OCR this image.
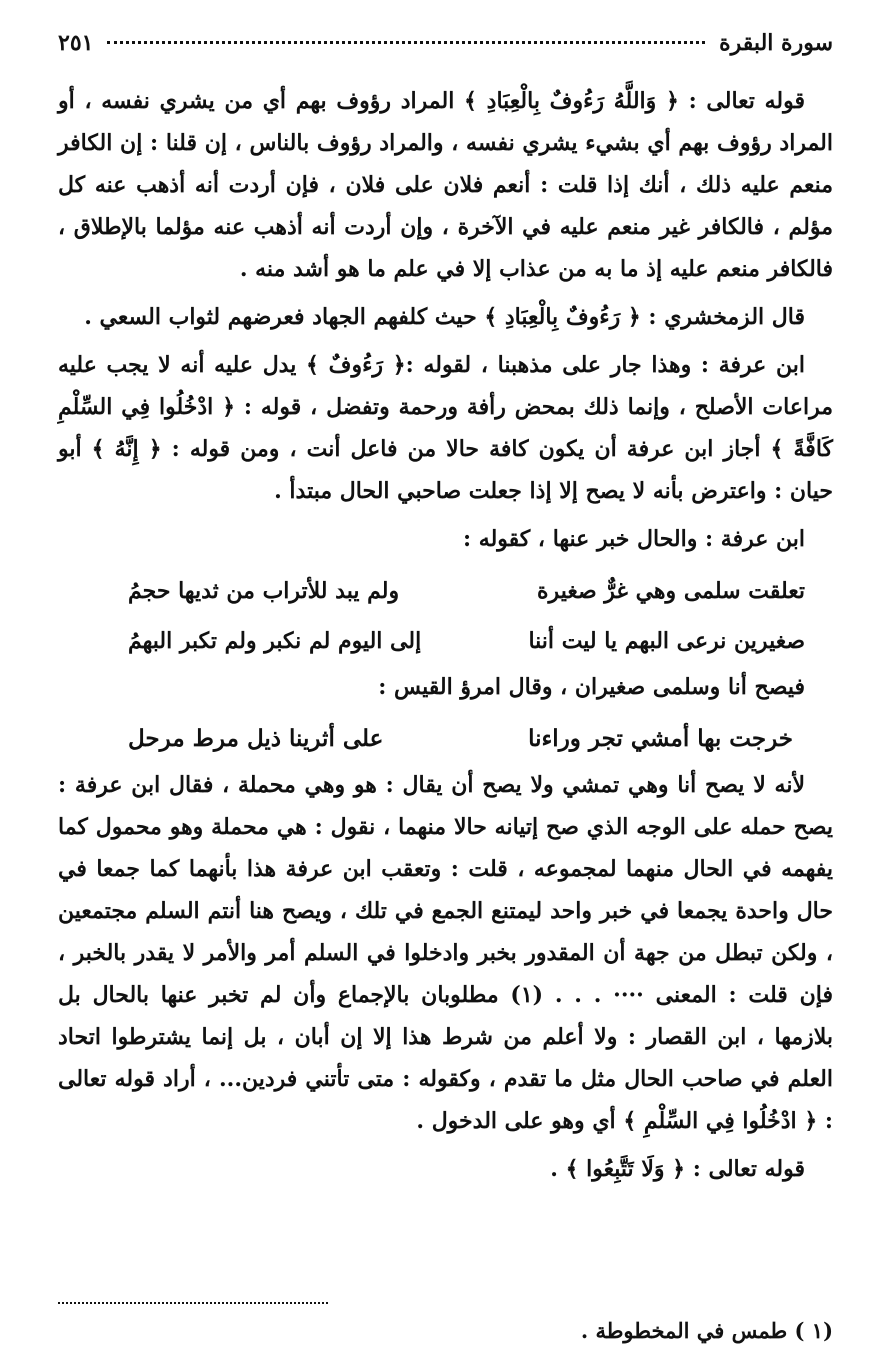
سورة البقرة
٢٥١

قوله تعالى : ﴿ وَاللَّهُ رَءُوفٌ بِالْعِبَادِ ﴾ المراد رؤوف بهم أي من يشري نفسه ، أو المراد رؤوف بهم أي بشيء يشري نفسه ، والمراد رؤوف بالناس ، إن قلنا : إن الكافر منعم عليه ذلك ، أنك إذا قلت : أنعم فلان على فلان ، فإن أردت أنه أذهب عنه كل مؤلم ، فالكافر غير منعم عليه في الآخرة ، وإن أردت أنه أذهب عنه مؤلما بالإطلاق ، فالكافر منعم عليه إذ ما به من عذاب إلا في علم ما هو أشد منه .

قال الزمخشري : ﴿ رَءُوفٌ بِالْعِبَادِ ﴾ حيث كلفهم الجهاد فعرضهم لثواب السعي .

ابن عرفة : وهذا جار على مذهبنا ، لقوله :﴿ رَءُوفٌ ﴾ يدل عليه أنه لا يجب عليه مراعات الأصلح ، وإنما ذلك بمحض رأفة ورحمة وتفضل ، قوله : ﴿ ادْخُلُوا فِي السِّلْمِ كَافَّةً ﴾ أجاز ابن عرفة أن يكون كافة حالا من فاعل أنت ، ومن قوله : ﴿ إِنَّهُ ﴾ أبو حيان : واعترض بأنه لا يصح إلا إذا جعلت صاحبي الحال مبتدأ .

ابن عرفة : والحال خبر عنها ، كقوله :

تعلقت سلمى وهي غرٌّ صغيرة
ولم يبد للأتراب من ثديها حجمُ
صغيرين نرعى البهم يا ليت أننا
إلى اليوم لم نكبر ولم تكبر البهمُ

فيصح أنا وسلمى صغيران ، وقال امرؤ القيس :

خرجت بها أمشي تجر وراءنا
على أثرينا ذيل مرط مرحل

لأنه لا يصح أنا وهي تمشي ولا يصح أن يقال : هو وهي محملة ، فقال ابن عرفة : يصح حمله على الوجه الذي صح إتيانه حالا منهما ، نقول : هي محملة وهو محمول كما يفهمه في الحال منهما لمجموعه ، قلت : وتعقب ابن عرفة هذا بأنهما كما جمعا في حال واحدة يجمعا في خبر واحد ليمتنع الجمع في تلك ، ويصح هنا أنتم السلم مجتمعين ، ولكن تبطل من جهة أن المقدور بخبر وادخلوا في السلم أمر والأمر لا يقدر بالخبر ، فإن قلت : المعنى ···· . . . (١) مطلوبان بالإجماع وأن لم تخبر عنها بالحال بل بلازمها ، ابن القصار : ولا أعلم من شرط هذا إلا إن أبان ، بل إنما يشترطوا اتحاد العلم في صاحب الحال مثل ما تقدم ، وكقوله : متى تأتني فردين... ، أراد قوله تعالى : ﴿ ادْخُلُوا فِي السِّلْمِ ﴾ أي وهو على الدخول .

قوله تعالى : ﴿ وَلَا تَتَّبِعُوا ﴾ .

(١ ) طمس في المخطوطة .
